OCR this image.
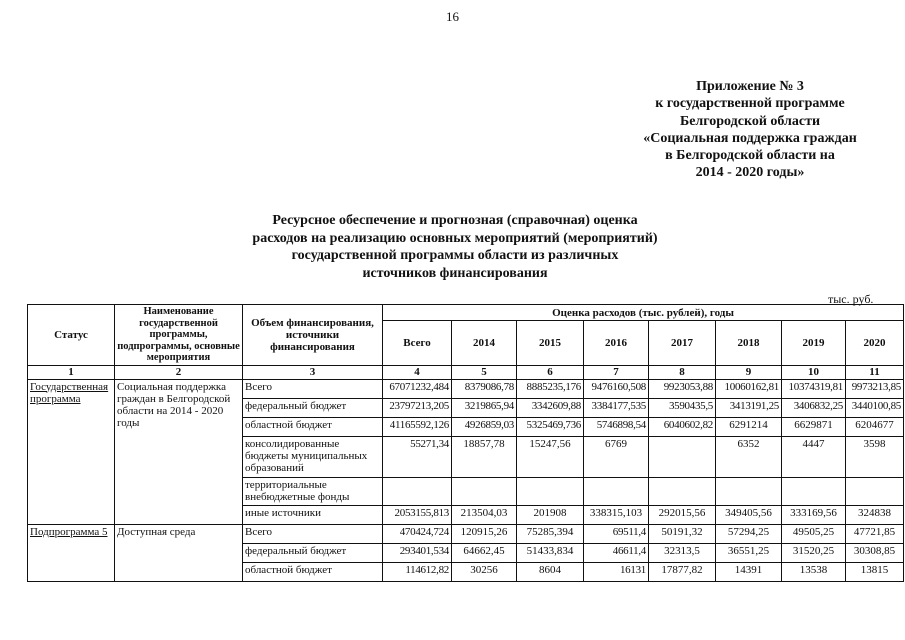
16
Приложение № 3
к государственной программе
Белгородской области
«Социальная поддержка граждан
в Белгородской области на
2014 - 2020 годы»
Ресурсное обеспечение и прогнозная (справочная) оценка
расходов на реализацию основных мероприятий (мероприятий)
государственной программы области из различных
источников финансирования
тыс. руб.
Статус	Наименование государственной программы, подпрограммы, основные мероприятия	Объем финансирования, источники финансирования	Оценка расходов (тыс. рублей), годы							
			Всего	2014	2015	2016	2017	2018	2019	2020
1	2	3	4	5	6	7	8	9	10	11
Государственная программа	Социальная поддержка граждан в Белгородской области на 2014 - 2020 годы	Всего	67071232,484	8379086,78	8885235,176	9476160,508	9923053,88	10060162,81	10374319,81	9973213,85
		федеральный бюджет	23797213,205	3219865,94	3342609,88	3384177,535	3590435,5	3413191,25	3406832,25	3440100,85
		областной бюджет	41165592,126	4926859,03	5325469,736	5746898,54	6040602,82	6291214	6629871	6204677
		консолидированные бюджеты муниципальных образований	55271,34	18857,78	15247,56	6769		6352	4447	3598
		территориальные внебюджетные фонды								
		иные источники	2053155,813	213504,03	201908	338315,103	292015,56	349405,56	333169,56	324838
Подпрограмма 5	Доступная среда	Всего	470424,724	120915,26	75285,394	69511,4	50191,32	57294,25	49505,25	47721,85
		федеральный бюджет	293401,534	64662,45	51433,834	46611,4	32313,5	36551,25	31520,25	30308,85
		областной бюджет	114612,82	30256	8604	16131	17877,82	14391	13538	13815
